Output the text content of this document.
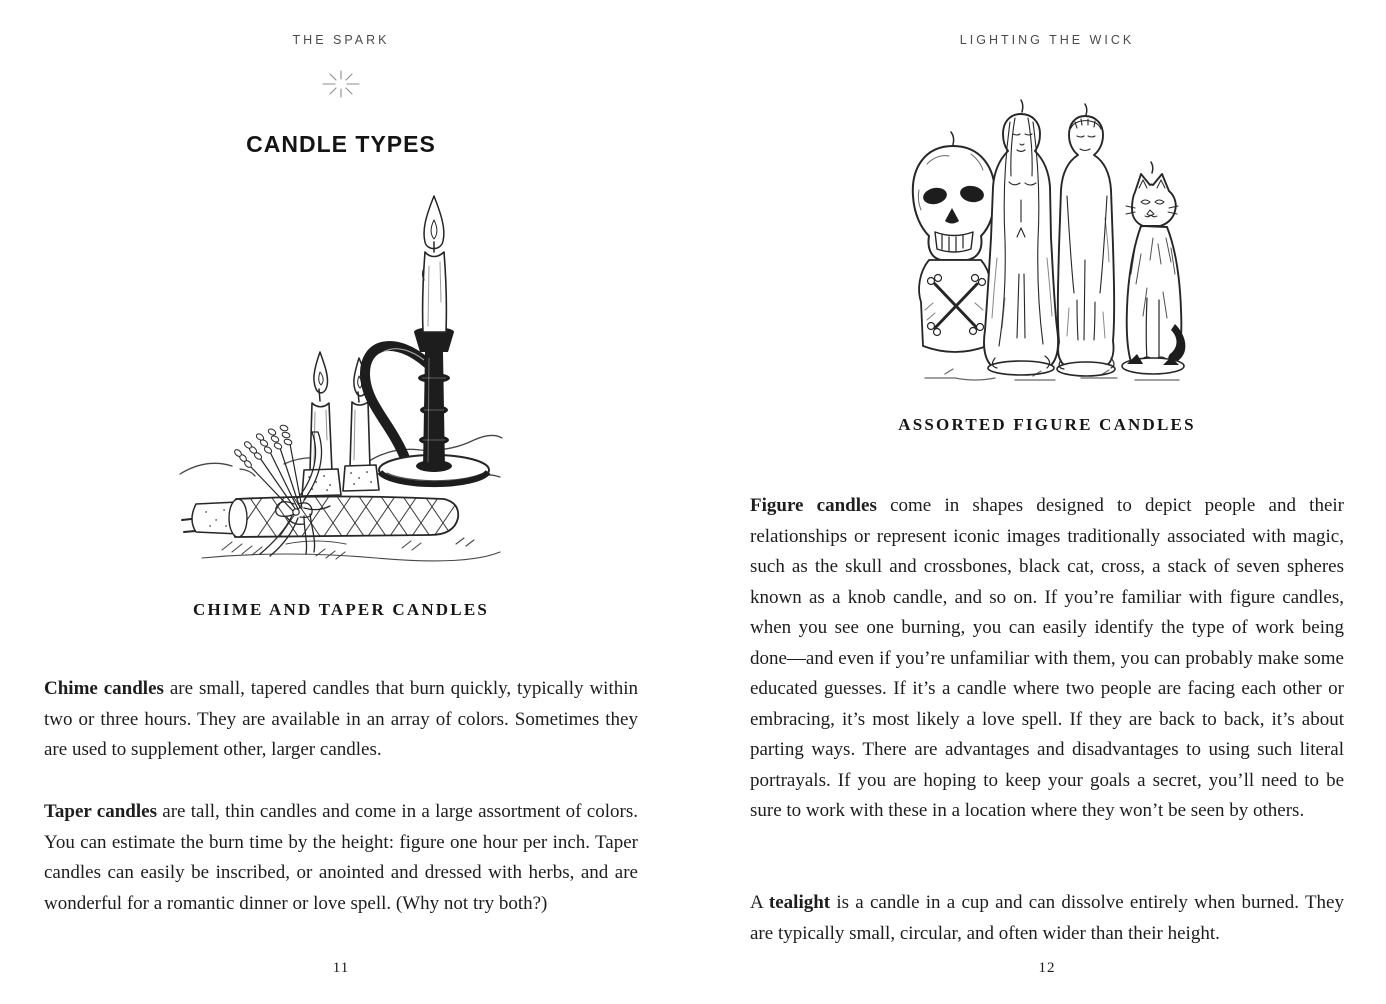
THE SPARK
CANDLE TYPES
CHIME AND TAPER CANDLES

Chime candles are small, tapered candles that burn quickly, typically within two or three hours. They are available in an array of colors. Sometimes they are used to supplement other, larger candles.

Taper candles are tall, thin candles and come in a large assortment of colors. You can estimate the burn time by the height: figure one hour per inch. Taper candles can easily be inscribed, or anointed and dressed with herbs, and are wonderful for a romantic dinner or love spell. (Why not try both?)

11
LIGHTING THE WICK
ASSORTED FIGURE CANDLES

Figure candles come in shapes designed to depict people and their relationships or represent iconic images traditionally associated with magic, such as the skull and crossbones, black cat, cross, a stack of seven spheres known as a knob candle, and so on. If you’re familiar with figure candles, when you see one burning, you can easily identify the type of work being done—and even if you’re unfamiliar with them, you can probably make some educated guesses. If it’s a candle where two people are facing each other or embracing, it’s most likely a love spell. If they are back to back, it’s about parting ways. There are advantages and disadvantages to using such literal portrayals. If you are hoping to keep your goals a secret, you’ll need to be sure to work with these in a location where they won’t be seen by others.

A tealight is a candle in a cup and can dissolve entirely when burned. They are typically small, circular, and often wider than their height.

12
